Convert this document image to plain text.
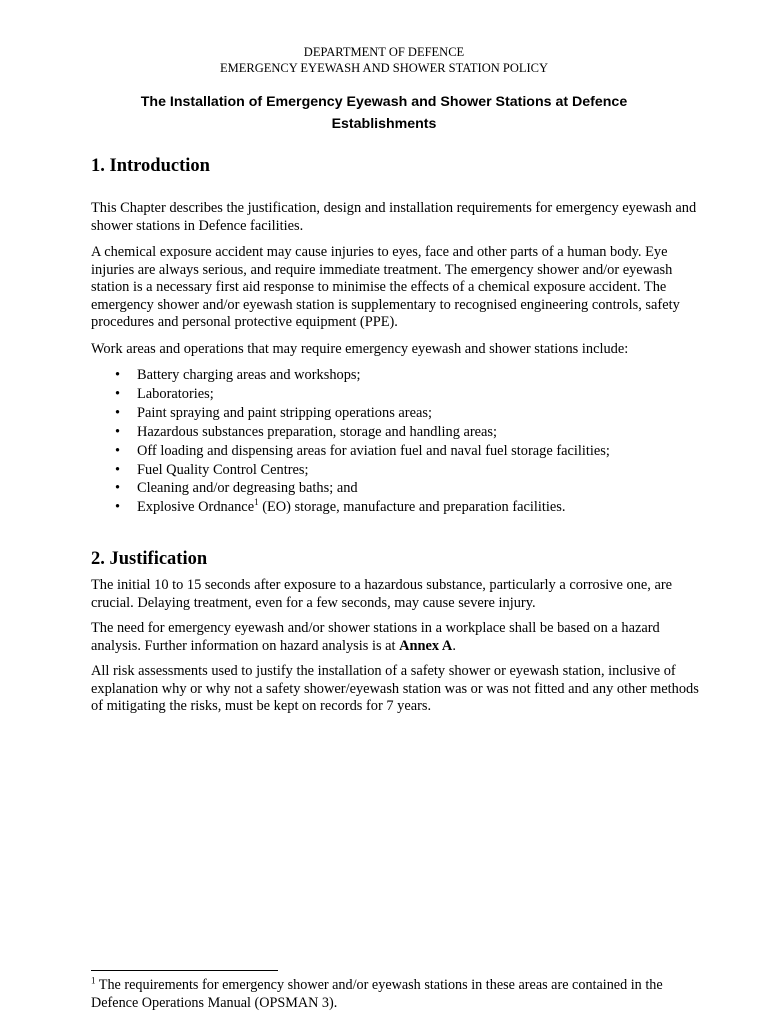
DEPARTMENT OF DEFENCE
EMERGENCY EYEWASH AND SHOWER STATION POLICY
The Installation of Emergency Eyewash and Shower Stations at Defence Establishments
1. Introduction
This Chapter describes the justification, design and installation requirements for emergency eyewash and shower stations in Defence facilities.
A chemical exposure accident may cause injuries to eyes, face and other parts of a human body. Eye injuries are always serious, and require immediate treatment. The emergency shower and/or eyewash station is a necessary first aid response to minimise the effects of a chemical exposure accident. The emergency shower and/or eyewash station is supplementary to recognised engineering controls, safety procedures and personal protective equipment (PPE).
Work areas and operations that may require emergency eyewash and shower stations include:
• Battery charging areas and workshops;
• Laboratories;
• Paint spraying and paint stripping operations areas;
• Hazardous substances preparation, storage and handling areas;
• Off loading and dispensing areas for aviation fuel and naval fuel storage facilities;
• Fuel Quality Control Centres;
• Cleaning and/or degreasing baths; and
• Explosive Ordnance$^1$ (EO) storage, manufacture and preparation facilities.
2. Justification
The initial 10 to 15 seconds after exposure to a hazardous substance, particularly a corrosive one, are crucial. Delaying treatment, even for a few seconds, may cause severe injury.
The need for emergency eyewash and/or shower stations in a workplace shall be based on a hazard analysis. Further information on hazard analysis is at Annex A.
All risk assessments used to justify the installation of a safety shower or eyewash station, inclusive of explanation why or why not a safety shower/eyewash station was or was not fitted and any other methods of mitigating the risks, must be kept on records for 7 years.
$^1$ The requirements for emergency shower and/or eyewash stations in these areas are contained in the Defence Operations Manual (OPSMAN 3).
